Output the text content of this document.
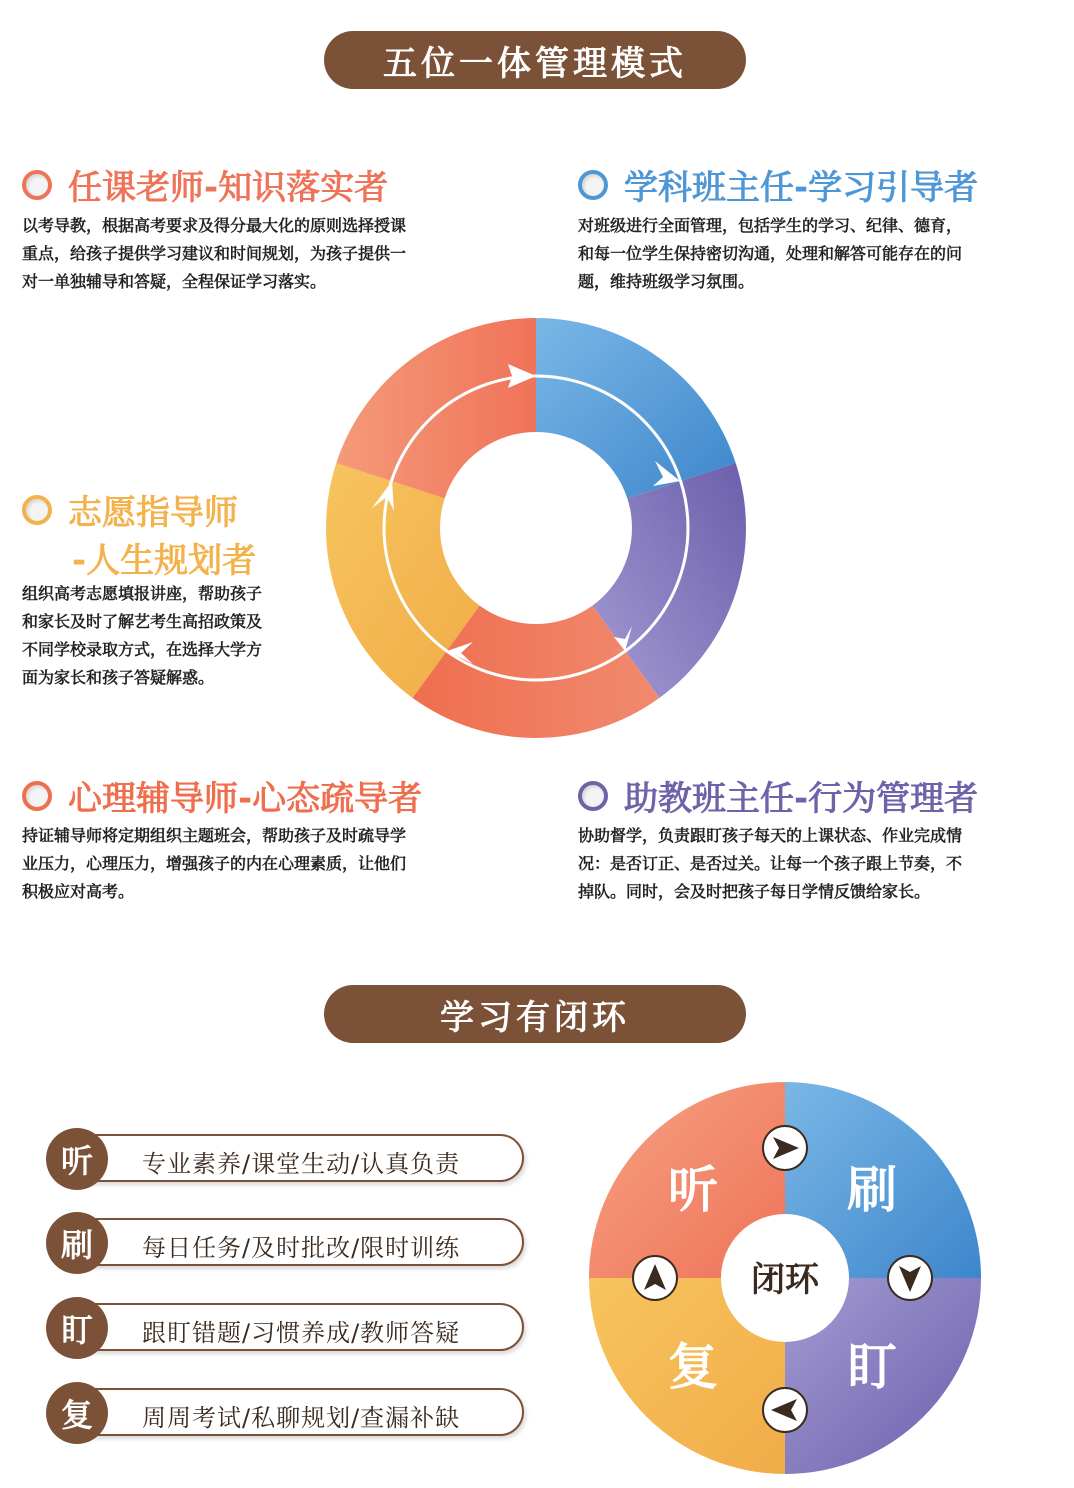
五位一体管理模式
任课老师-知识落实者

以考导教，根据高考要求及得分最大化的原则选择授课
重点，给孩子提供学习建议和时间规划，为孩子提供一
对一单独辅导和答疑，全程保证学习落实。

学科班主任-学习引导者

对班级进行全面管理，包括学生的学习、纪律、德育，
和每一位学生保持密切沟通，处理和解答可能存在的问
题，维持班级学习氛围。

志愿指导师
-人生规划者

组织高考志愿填报讲座，帮助孩子
和家长及时了解艺考生高招政策及
不同学校录取方式，在选择大学方
面为家长和孩子答疑解惑。

心理辅导师-心态疏导者

持证辅导师将定期组织主题班会，帮助孩子及时疏导学
业压力，心理压力，增强孩子的内在心理素质，让他们
积极应对高考。

助教班主任-行为管理者

协助督学，负责跟盯孩子每天的上课状态、作业完成情
况：是否订正、是否过关。让每一个孩子跟上节奏，不
掉队。同时，会及时把孩子每日学情反馈给家长。

学习有闭环
专业素养/课堂生动/认真负责
听
每日任务/及时批改/限时训练
刷
跟盯错题/习惯养成/教师答疑
盯
周周考试/私聊规划/查漏补缺
复
闭环
听	刷
盯
复
